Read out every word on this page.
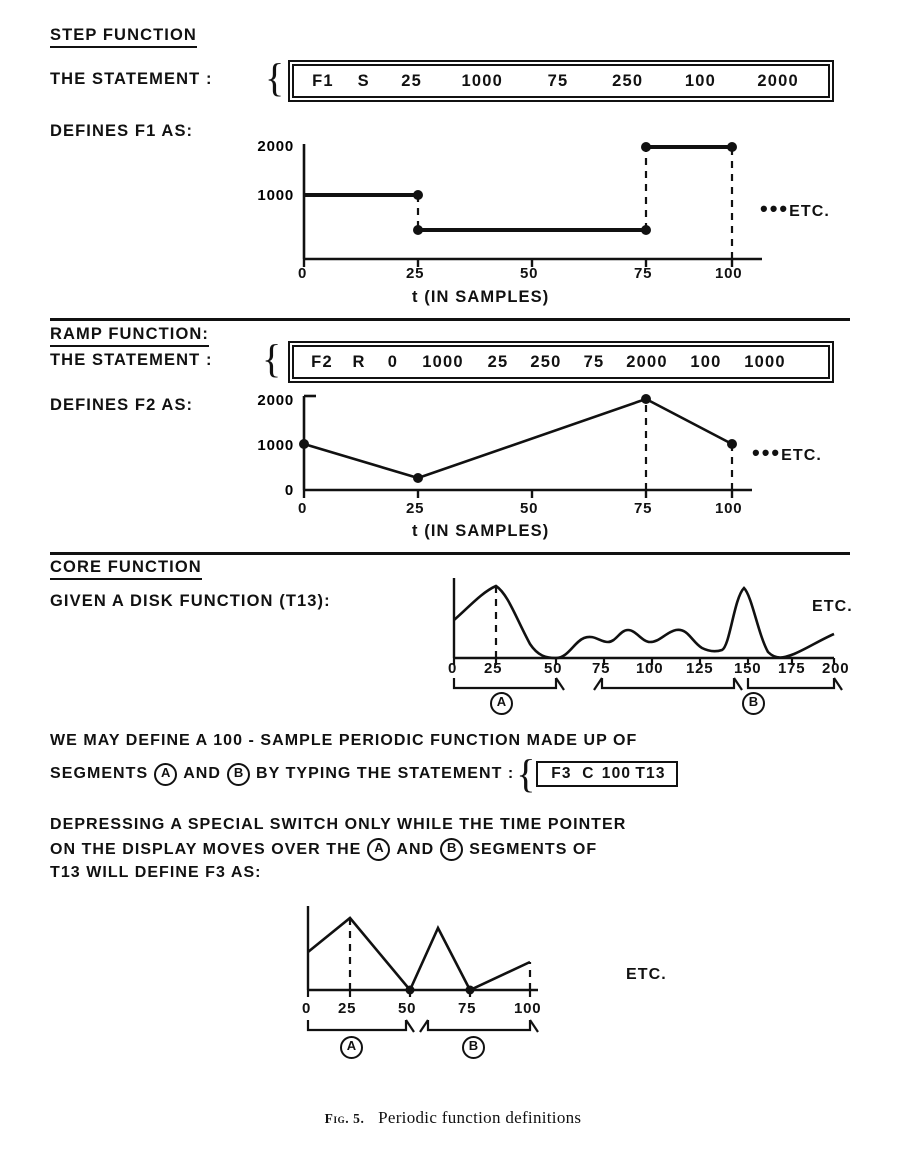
STEP FUNCTION
THE STATEMENT : {	F1	S	25	1000	75	250	100	2000
DEFINES F1 AS:
2000
1000
0	25	50	75	100
•••ETC.
t (IN SAMPLES)
RAMP FUNCTION:
THE STATEMENT : {	F2	R	0	1000	25	250	75	2000	100	1000
DEFINES F2 AS:	2000
1000
0
0	25	50	75	100
•••ETC.
t (IN SAMPLES)
CORE FUNCTION
GIVEN A DISK FUNCTION (T13):
0 25	50 75 100 125 150 175 200
A	B
ETC.
WE MAY DEFINE A 100 - SAMPLE PERIODIC FUNCTION MADE UP OF
SEGMENTS A AND B BY TYPING THE STATEMENT : {	F3 C 100 T13
DEPRESSING A SPECIAL SWITCH ONLY WHILE THE TIME POINTER
ON THE DISPLAY MOVES OVER THE A AND B SEGMENTS OF
T13 WILL DEFINE F3 AS:
0 25	50	75	100
A	B
ETC.
Fig. 5. Periodic function definitions
